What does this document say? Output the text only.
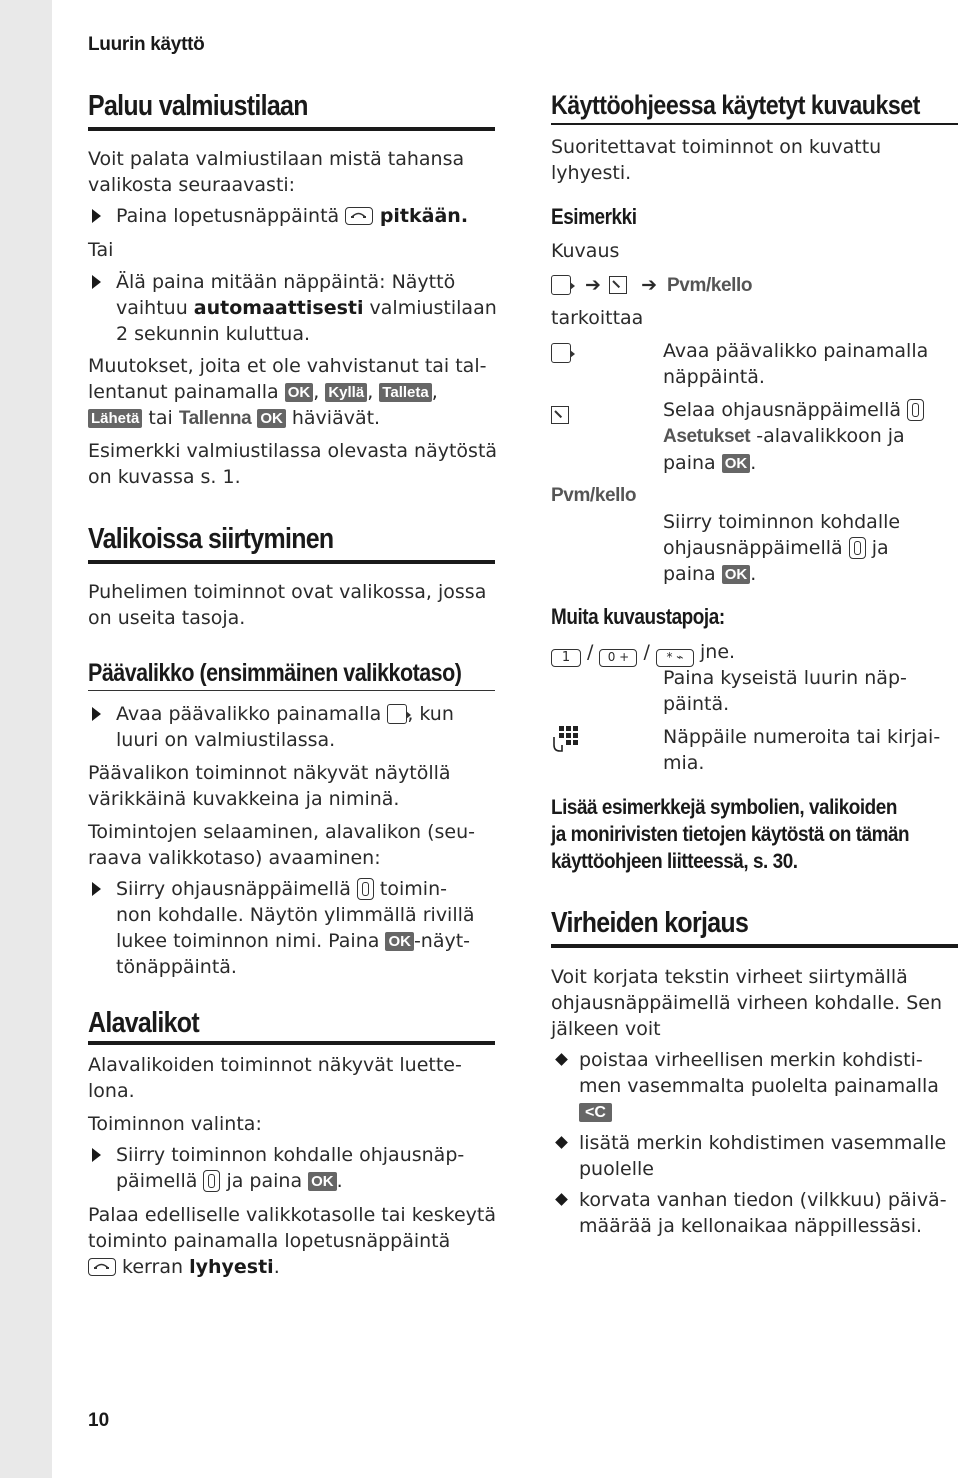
Luurin käyttö
Paluu valmiustilaan

Voit palata valmiustilaan mistä tahansa
valikosta seuraavasti:

Paina lopetusnäppäintä
pitkään.

Tai

Älä paina mitään näppäintä: Näyttö
vaihtuu automaattisesti valmiustilaan
2 sekunnin kuluttua.

Muutokset, joita et ole vahvistanut tai tal-
lentanut painamalla OK , Kyllä , Talleta ,
Lähetä tai Tallenna OK häviävät.

Esimerkki valmiustilassa olevasta näytöstä
on kuvassa s. 1.

Valikoissa siirtyminen

Puhelimen toiminnot ovat valikossa, jossa
on useita tasoja.

Päävalikko (ensimmäinen valikkotaso)
Avaa päävalikko painamalla , kun
luuri on valmiustilassa.

Päävalikon toiminnot näkyvät näytöllä
värikkäinä kuvakkeina ja niminä.

Toimintojen selaaminen, alavalikon (seu-
raava valikkotaso) avaaminen:

Siirry ohjausnäppäimellä  toimin-
non kohdalle. Näytön ylimmällä rivillä
lukee toiminnon nimi. Paina OK -näyt-
tönäppäintä.
Alavalikot

Alavalikoiden toiminnot näkyvät luette-
lona.

Toiminnon valinta:

Siirry toiminnon kohdalle ohjausnäp-
päimellä  ja paina OK .

Palaa edelliselle valikkotasolle tai keskeytä
toiminto painamalla lopetusnäppäintä
kerran lyhyesti.

Käyttöohjeessa käytetyt kuvaukset

Suoritettavat toiminnot on kuvattu
lyhyesti.

Esimerkki

Kuvaus

➔ ➔ Pvm/kello

tarkoittaa

Avaa päävalikko painamalla
näppäintä.
Selaa ohjausnäppäimellä
Asetukset -alavalikkoon ja
paina OK .
Pvm/kello
Siirry toiminnon kohdalle
ohjausnäppäimellä  ja
paina OK .
Muita kuvaustapoja:
1 / 0 + / * ⌁ jne.
Paina kyseistä luurin näp-
päintä.
Näppäile numeroita tai kirjai-
mia.
Lisää esimerkkejä symbolien, valikoiden
ja monirivisten tietojen käytöstä on tämän
käyttöohjeen liitteessä, s. 30.
Virheiden korjaus

Voit korjata tekstin virheet siirtymällä
ohjausnäppäimellä virheen kohdalle. Sen
jälkeen voit

poistaa virheellisen merkin kohdisti-
men vasemmalta puolelta painamalla
<C
lisätä merkin kohdistimen vasemmalle
puolelle
korvata vanhan tiedon (vilkkuu) päivä-
määrää ja kellonaikaa näppillessäsi.
10
